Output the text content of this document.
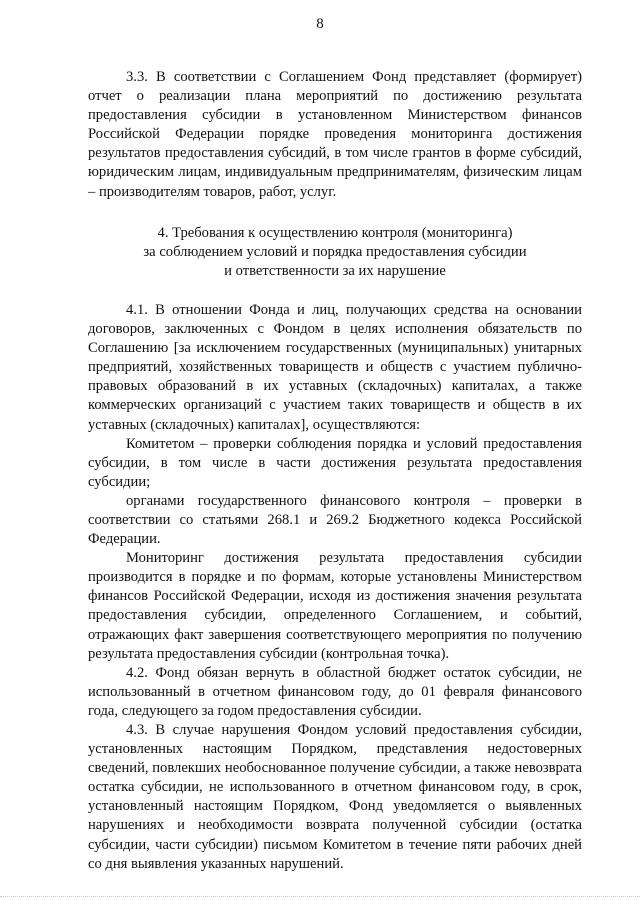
8

3.3. В соответствии с Соглашением Фонд представляет (формирует) отчет о реализации плана мероприятий по достижению результата предоставления субсидии в установленном Министерством финансов Российской Федерации порядке проведения мониторинга достижения результатов предоставления субсидий, в том числе грантов в форме субсидий, юридическим лицам, индивидуальным предпринимателям, физическим лицам – производителям товаров, работ, услуг.

4. Требования к осуществлению контроля (мониторинга)
за соблюдением условий и порядка предоставления субсидии
и ответственности за их нарушение

4.1. В отношении Фонда и лиц, получающих средства на основании договоров, заключенных с Фондом в целях исполнения обязательств по Соглашению [за исключением государственных (муниципальных) унитарных предприятий, хозяйственных товариществ и обществ с участием публично-правовых образований в их уставных (складочных) капиталах, а также коммерческих организаций с участием таких товариществ и обществ в их уставных (складочных) капиталах], осуществляются:

Комитетом – проверки соблюдения порядка и условий предоставления субсидии, в том числе в части достижения результата предоставления субсидии;

органами государственного финансового контроля – проверки в соответствии со статьями 268.1 и 269.2 Бюджетного кодекса Российской Федерации.

Мониторинг достижения результата предоставления субсидии производится в порядке и по формам, которые установлены Министерством финансов Российской Федерации, исходя из достижения значения результата предоставления субсидии, определенного Соглашением, и событий, отражающих факт завершения соответствующего мероприятия по получению результата предоставления субсидии (контрольная точка).

4.2. Фонд обязан вернуть в областной бюджет остаток субсидии, не использованный в отчетном финансовом году, до 01 февраля финансового года, следующего за годом предоставления субсидии.

4.3. В случае нарушения Фондом условий предоставления субсидии, установленных настоящим Порядком, представления недостоверных сведений, повлекших необоснованное получение субсидии, а также невозврата остатка субсидии, не использованного в отчетном финансовом году, в срок, установленный настоящим Порядком, Фонд уведомляется о выявленных нарушениях и необходимости возврата полученной субсидии (остатка субсидии, части субсидии) письмом Комитетом в течение пяти рабочих дней со дня выявления указанных нарушений.
